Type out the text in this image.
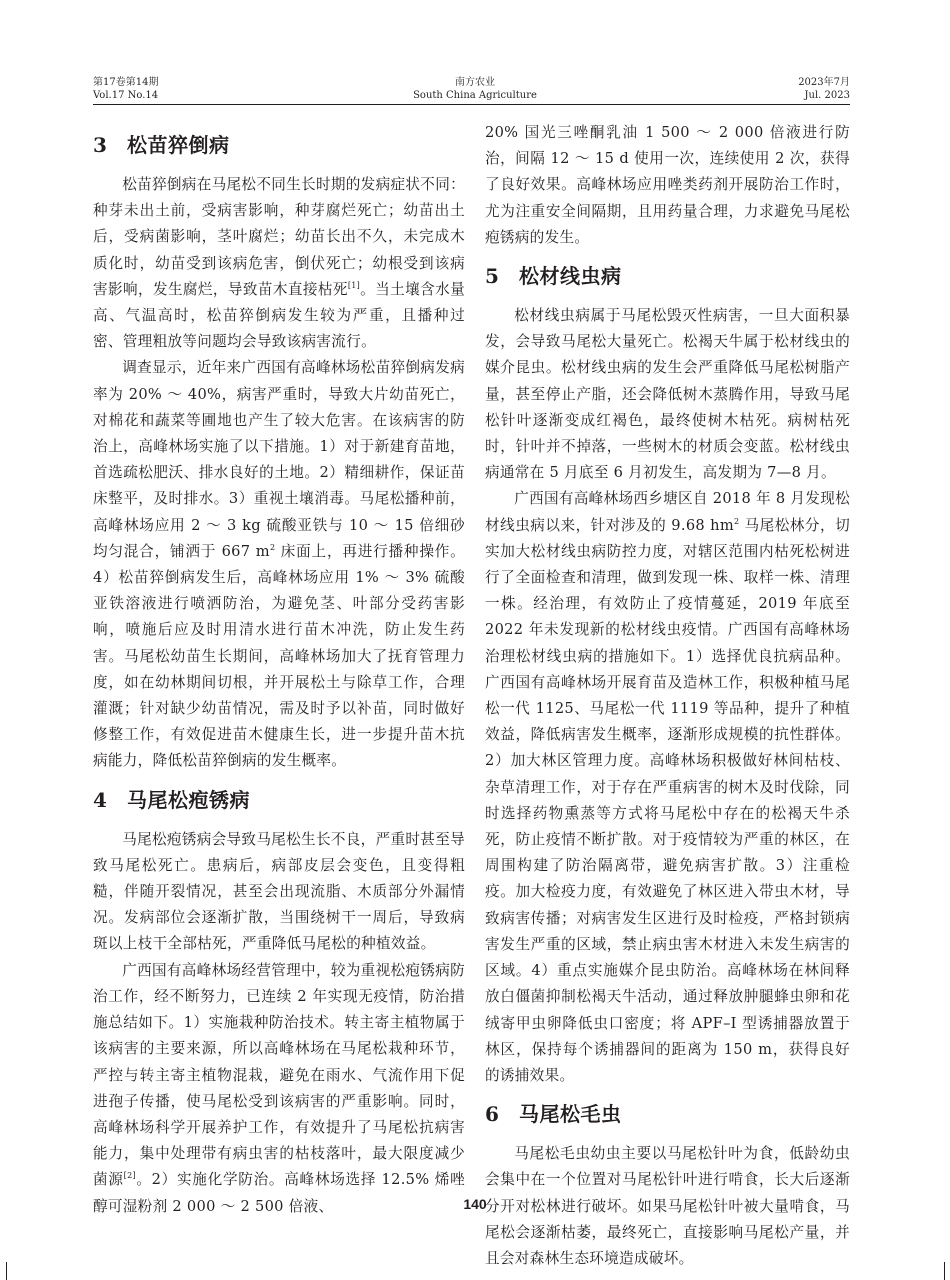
第17卷第14期
Vol.17 No.14
南方农业
South China Agriculture
2023年7月
Jul. 2023
3 松苗猝倒病

松苗猝倒病在马尾松不同生长时期的发病症状不同：种芽未出土前，受病害影响，种芽腐烂死亡；幼苗出土后，受病菌影响，茎叶腐烂；幼苗长出不久，未完成木质化时，幼苗受到该病危害，倒伏死亡；幼根受到该病害影响，发生腐烂，导致苗木直接枯死[1]。当土壤含水量高、气温高时，松苗猝倒病发生较为严重，且播种过密、管理粗放等问题均会导致该病害流行。

调查显示，近年来广西国有高峰林场松苗猝倒病发病率为 20% ～ 40%，病害严重时，导致大片幼苗死亡，对棉花和蔬菜等圃地也产生了较大危害。在该病害的防治上，高峰林场实施了以下措施。1）对于新建育苗地，首选疏松肥沃、排水良好的土地。2）精细耕作，保证苗床整平，及时排水。3）重视土壤消毒。马尾松播种前，高峰林场应用 2 ～ 3 kg 硫酸亚铁与 10 ～ 15 倍细砂均匀混合，铺洒于 667 $m^2$ 床面上，再进行播种操作。4）松苗猝倒病发生后，高峰林场应用 1% ～ 3% 硫酸亚铁溶液进行喷洒防治，为避免茎、叶部分受药害影响，喷施后应及时用清水进行苗木冲洗，防止发生药害。马尾松幼苗生长期间，高峰林场加大了抚育管理力度，如在幼林期间切根，并开展松土与除草工作，合理灌溉；针对缺少幼苗情况，需及时予以补苗，同时做好修整工作，有效促进苗木健康生长，进一步提升苗木抗病能力，降低松苗猝倒病的发生概率。

4 马尾松疱锈病

马尾松疱锈病会导致马尾松生长不良，严重时甚至导致马尾松死亡。患病后，病部皮层会变色，且变得粗糙，伴随开裂情况，甚至会出现流脂、木质部分外漏情况。发病部位会逐渐扩散，当围绕树干一周后，导致病斑以上枝干全部枯死，严重降低马尾松的种植效益。

广西国有高峰林场经营管理中，较为重视松疱锈病防治工作，经不断努力，已连续 2 年实现无疫情，防治措施总结如下。1）实施栽种防治技术。转主寄主植物属于该病害的主要来源，所以高峰林场在马尾松栽种环节，严控与转主寄主植物混栽，避免在雨水、气流作用下促进孢子传播，使马尾松受到该病害的严重影响。同时，高峰林场科学开展养护工作，有效提升了马尾松抗病害能力，集中处理带有病虫害的枯枝落叶，最大限度减少菌源[2]。2）实施化学防治。高峰林场选择 12.5% 烯唑醇可湿粉剂 2 000 ～ 2 500 倍液、

20% 国光三唑酮乳油 1 500 ～ 2 000 倍液进行防治，间隔 12 ～ 15 d 使用一次，连续使用 2 次，获得了良好效果。高峰林场应用唑类药剂开展防治工作时，尤为注重安全间隔期，且用药量合理，力求避免马尾松疱锈病的发生。

5 松材线虫病

松材线虫病属于马尾松毁灭性病害，一旦大面积暴发，会导致马尾松大量死亡。松褐天牛属于松材线虫的媒介昆虫。松材线虫病的发生会严重降低马尾松树脂产量，甚至停止产脂，还会降低树木蒸腾作用，导致马尾松针叶逐渐变成红褐色，最终使树木枯死。病树枯死时，针叶并不掉落，一些树木的材质会变蓝。松材线虫病通常在 5 月底至 6 月初发生，高发期为 7—8 月。

广西国有高峰林场西乡塘区自 2018 年 8 月发现松材线虫病以来，针对涉及的 9.68 $hm^2$ 马尾松林分，切实加大松材线虫病防控力度，对辖区范围内枯死松树进行了全面检查和清理，做到发现一株、取样一株、清理一株。经治理，有效防止了疫情蔓延，2019 年底至 2022 年未发现新的松材线虫疫情。广西国有高峰林场治理松材线虫病的措施如下。1）选择优良抗病品种。广西国有高峰林场开展育苗及造林工作，积极种植马尾松一代 1125、马尾松一代 1119 等品种，提升了种植效益，降低病害发生概率，逐渐形成规模的抗性群体。2）加大林区管理力度。高峰林场积极做好林间枯枝、杂草清理工作，对于存在严重病害的树木及时伐除，同时选择药物熏蒸等方式将马尾松中存在的松褐天牛杀死，防止疫情不断扩散。对于疫情较为严重的林区，在周围构建了防治隔离带，避免病害扩散。3）注重检疫。加大检疫力度，有效避免了林区进入带虫木材，导致病害传播；对病害发生区进行及时检疫，严格封锁病害发生严重的区域，禁止病虫害木材进入未发生病害的区域。4）重点实施媒介昆虫防治。高峰林场在林间释放白僵菌抑制松褐天牛活动，通过释放肿腿蜂虫卵和花绒寄甲虫卵降低虫口密度；将 APF–I 型诱捕器放置于林区，保持每个诱捕器间的距离为 150 m，获得良好的诱捕效果。

6 马尾松毛虫

马尾松毛虫幼虫主要以马尾松针叶为食，低龄幼虫会集中在一个位置对马尾松针叶进行啃食，长大后逐渐分开对松林进行破坏。如果马尾松针叶被大量啃食，马尾松会逐渐枯萎，最终死亡，直接影响马尾松产量，并且会对森林生态环境造成破坏。

140
